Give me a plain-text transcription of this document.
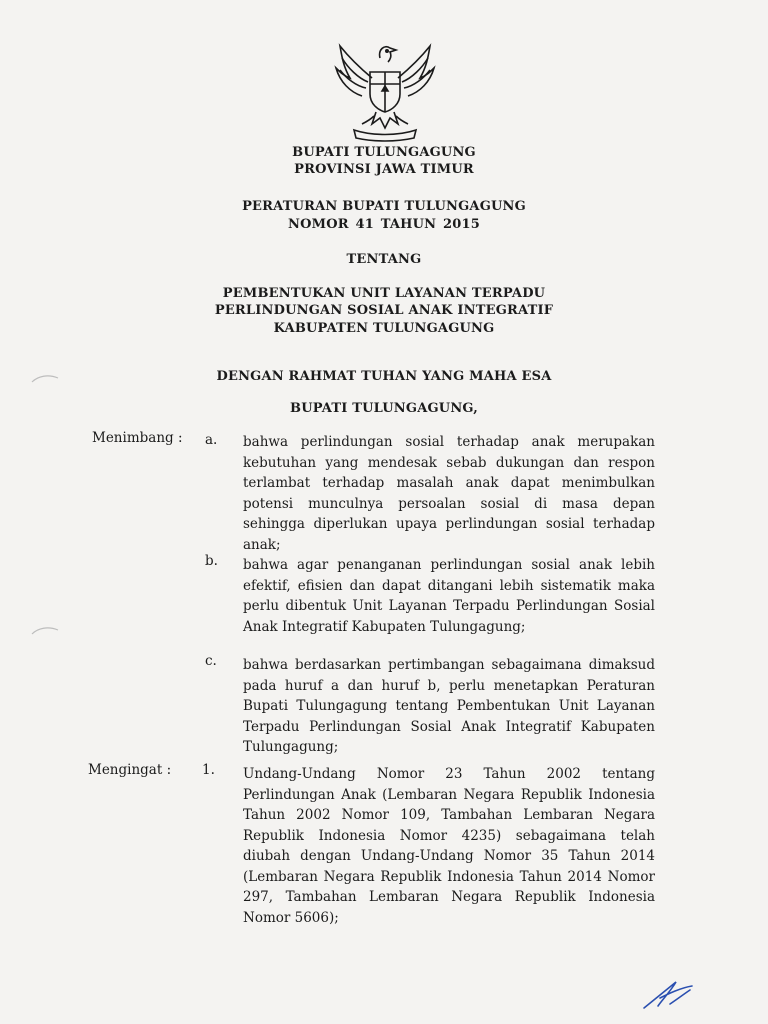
BUPATI TULUNGAGUNG
PROVINSI JAWA TIMUR
PERATURAN BUPATI TULUNGAGUNG
NOMOR 41 TAHUN 2015
TENTANG
PEMBENTUKAN UNIT LAYANAN TERPADU
PERLINDUNGAN SOSIAL ANAK INTEGRATIF
KABUPATEN TULUNGAGUNG
DENGAN RAHMAT TUHAN YANG MAHA ESA
BUPATI TULUNGAGUNG,
Menimbang : a. bahwa perlindungan sosial terhadap anak merupakan kebutuhan yang mendesak sebab dukungan dan respon terlambat terhadap masalah anak dapat menimbulkan potensi munculnya persoalan sosial di masa depan sehingga diperlukan upaya perlindungan sosial terhadap anak;
b. bahwa agar penanganan perlindungan sosial anak lebih efektif, efisien dan dapat ditangani lebih sistematik maka perlu dibentuk Unit Layanan Terpadu Perlindungan Sosial Anak Integratif Kabupaten Tulungagung;
c. bahwa berdasarkan pertimbangan sebagaimana dimaksud pada huruf a dan huruf b, perlu menetapkan Peraturan Bupati Tulungagung tentang Pembentukan Unit Layanan Terpadu Perlindungan Sosial Anak Integratif Kabupaten Tulungagung;
Mengingat : 1. Undang-Undang Nomor 23 Tahun 2002 tentang Perlindungan Anak (Lembaran Negara Republik Indonesia Tahun 2002 Nomor 109, Tambahan Lembaran Negara Republik Indonesia Nomor 4235) sebagaimana telah diubah dengan Undang-Undang Nomor 35 Tahun 2014 (Lembaran Negara Republik Indonesia Tahun 2014 Nomor 297, Tambahan Lembaran Negara Republik Indonesia Nomor 5606);
